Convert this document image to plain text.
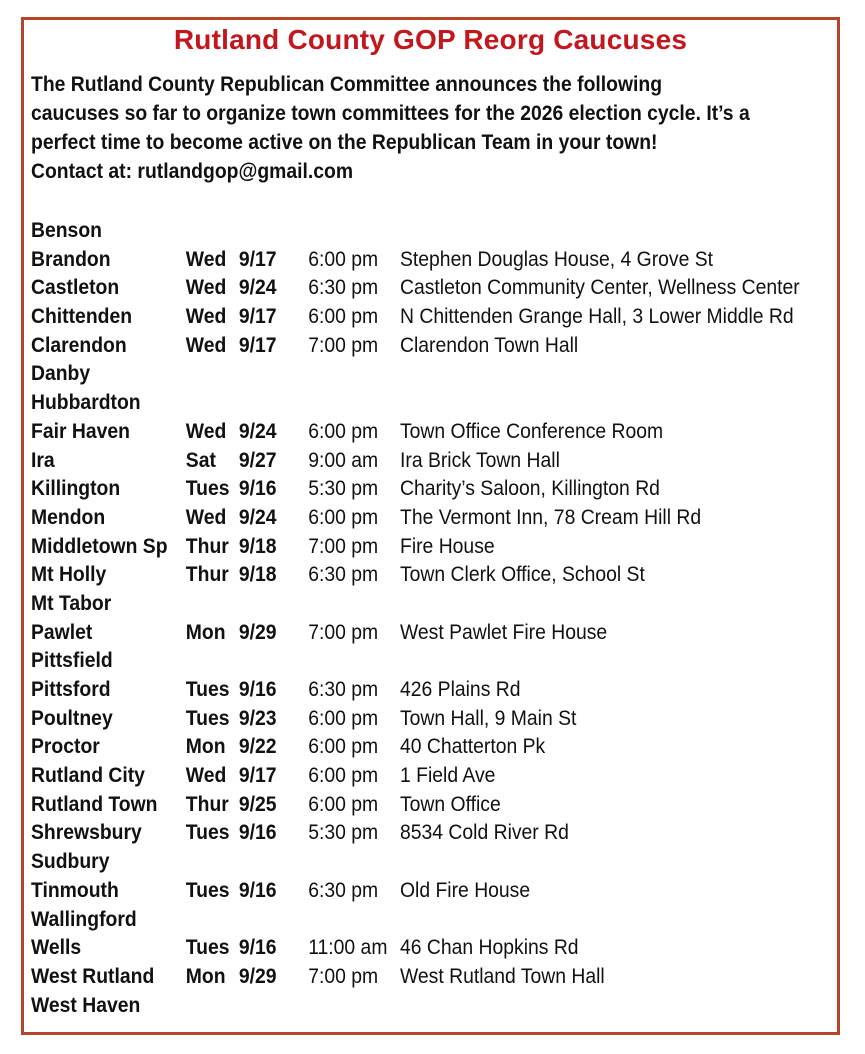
Rutland County GOP Reorg Caucuses

The Rutland County Republican Committee announces the following caucuses so far to organize town committees for the 2026 election cycle. It’s a perfect time to become active on the Republican Team in your town!

Contact at: rutlandgop@gmail.com

Benson
Brandon	Wed 9/17 6:00 pm Stephen Douglas House, 4 Grove St
Castleton	Wed 9/24 6:30 pm Castleton Community Center, Wellness Center
Chittenden Wed 9/17 6:00 pm N Chittenden Grange Hall, 3 Lower Middle Rd
Clarendon	Wed 9/17 7:00 pm Clarendon Town Hall
Danby
Hubbardton
Fair Haven	Wed 9/24 6:00 pm Town Office Conference Room
Ira	Sat 9/27 9:00 am Ira Brick Town Hall
Killington	Tues 9/16 5:30 pm Charity’s Saloon, Killington Rd
Mendon	Wed 9/24 6:00 pm The Vermont Inn, 78 Cream Hill Rd
Middletown Sp Thur 9/18 7:00 pm Fire House
Mt Holly	Thur 9/18 6:30 pm Town Clerk Office, School St
Mt Tabor
Pawlet	Mon 9/29 7:00 pm West Pawlet Fire House
Pittsfield
Pittsford	Tues 9/16 6:30 pm 426 Plains Rd
Poultney	Tues 9/23 6:00 pm Town Hall, 9 Main St
Proctor	Mon 9/22 6:00 pm 40 Chatterton Pk
Rutland City Wed 9/17 6:00 pm 1 Field Ave
Rutland Town Thur 9/25 6:00 pm Town Office
Shrewsbury Tues 9/16 5:30 pm 8534 Cold River Rd
Sudbury
Tinmouth	Tues 9/16 6:30 pm Old Fire House
Wallingford
Wells	Tues 9/16 11:00 am 46 Chan Hopkins Rd
West Rutland Mon 9/29 7:00 pm West Rutland Town Hall
West Haven
